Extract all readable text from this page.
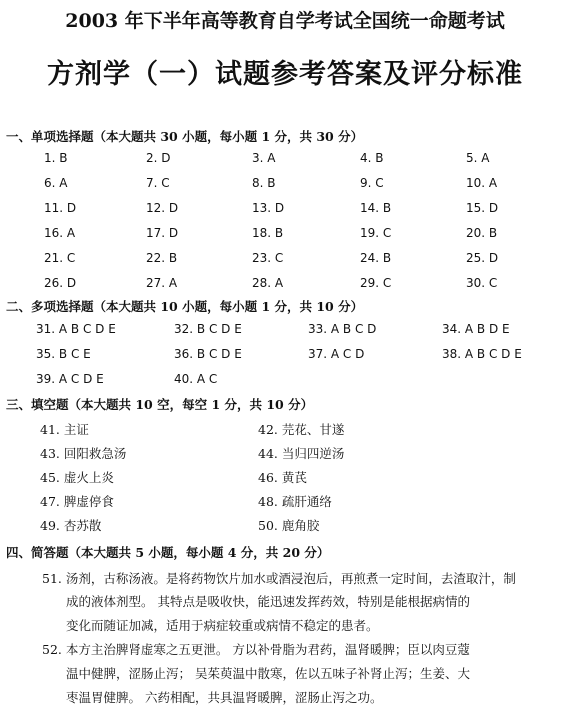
2003 年下半年高等教育自学考试全国统一命题考试
方剂学（一）试题参考答案及评分标准
一、单项选择题（本大题共 30 小题，每小题 1 分，共 30 分）
1. B	2. D	3. A	4. B	5. A
6. A	7. C	8. B	9. C	10. A
11. D	12. D	13. D	14. B	15. D
16. A	17. D	18. B	19. C	20. B
21. C	22. B	23. C	24. B	25. D
26. D	27. A	28. A	29. C	30. C
二、多项选择题（本大题共 10 小题，每小题 1 分，共 10 分）
31. A B C D E	32. B C D E	33. A B C D	34. A B D E
35. B C E	36. B C D E	37. A C D	38. A B C D E
39. A C D E	40. A C
三、填空题（本大题共 10 空，每空 1 分，共 10 分）
41. 主证	42. 芫花、甘遂
43. 回阳救急汤	44. 当归四逆汤
45. 虚火上炎	46. 黄芪
47. 脾虚停食	48. 疏肝通络
49. 杏苏散	50. 鹿角胶
四、简答题（本大题共 5 小题，每小题 4 分，共 20 分）
51. 汤剂，古称汤液。是将药物饮片加水或酒浸泡后，再煎煮一定时间，去渣取汁，制
成的液体剂型。 其特点是吸收快，能迅速发挥药效，特别是能根据病情的
变化而随证加减，适用于病症较重或病情不稳定的患者。
52. 本方主治脾肾虚寒之五更泄。 方以补骨脂为君药，温肾暖脾；臣以肉豆蔻
温中健脾，涩肠止泻； 吴茱萸温中散寒，佐以五味子补肾止泻；生姜、大
枣温胃健脾。 六药相配，共具温肾暖脾，涩肠止泻之功。
